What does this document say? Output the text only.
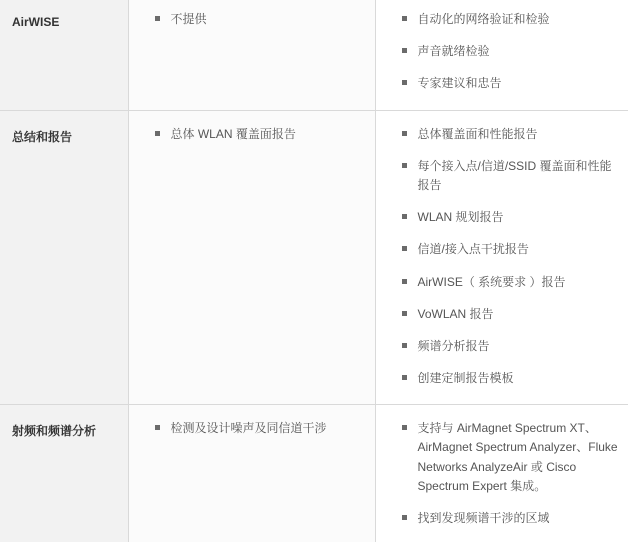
AirWISE	不提供	自动化的网络验证和检验
声音就绪检验
专家建议和忠告

总结和报告	总体 WLAN 覆盖面报告	总体覆盖面和性能报告
每个接入点/信道/SSID 覆盖面和性能报告
WLAN 规划报告
信道/接入点干扰报告
AirWISE（ 系统要求 ）报告
VoWLAN 报告
频谱分析报告
创建定制报告模板

射频和频谱分析	检测及设计噪声及同信道干涉	支持与 AirMagnet Spectrum XT、AirMagnet Spectrum Analyzer、Fluke Networks AnalyzeAir 或 Cisco Spectrum Expert 集成。
找到发现频谱干涉的区域
